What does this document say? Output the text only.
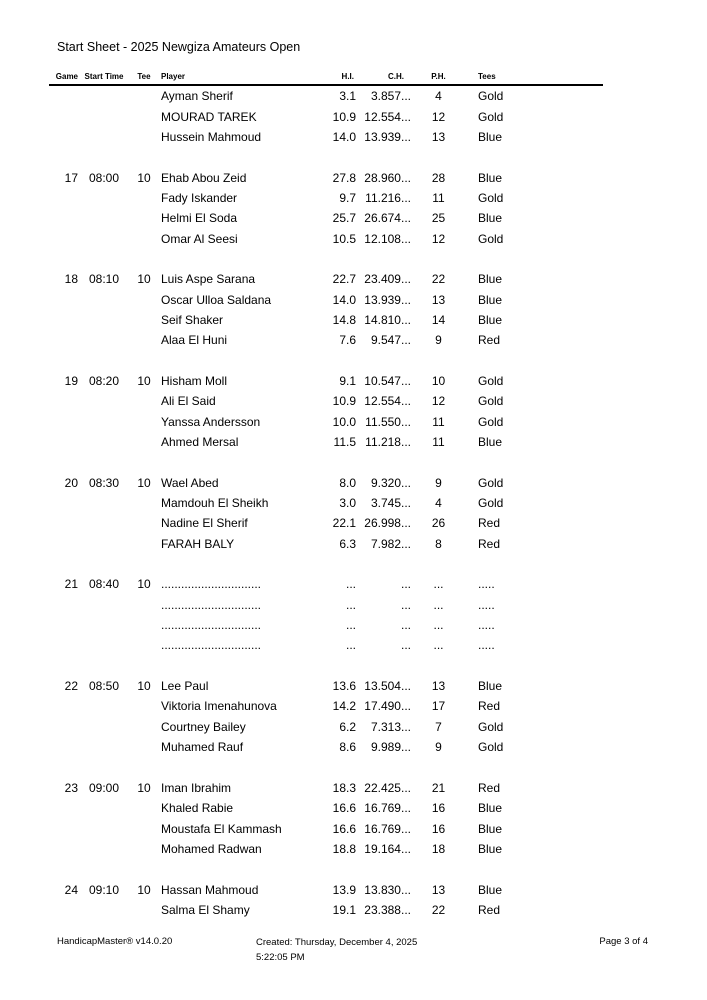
Start Sheet - 2025 Newgiza Amateurs Open
Game Start Time	Tee	Player	H.I.	C.H.	P.H.	Tees
Ayman Sherif	3.1	3.857...	4	Gold
MOURAD TAREK	10.9 12.554...	12	Gold
Hussein Mahmoud	14.0 13.939...	13	Blue
17 08:00	10 Ehab Abou Zeid	27.8 28.960...	28	Blue
Fady Iskander	9.7 11.216...	11	Gold
Helmi El Soda	25.7 26.674...	25	Blue
Omar Al Seesi	10.5 12.108...	12	Gold
18 08:10	10 Luis Aspe Sarana	22.7 23.409...	22	Blue
Oscar Ulloa Saldana	14.0 13.939...	13	Blue
Seif Shaker	14.8 14.810...	14	Blue
Alaa El Huni	7.6	9.547...	9	Red
19 08:20	10 Hisham Moll	9.1 10.547...	10	Gold
Ali El Said	10.9 12.554...	12	Gold
Yanssa Andersson	10.0 11.550...	11	Gold
Ahmed Mersal	11.5 11.218...	11	Blue
20 08:30	10 Wael Abed	8.0	9.320...	9	Gold
Mamdouh El Sheikh	3.0	3.745...	4	Gold
Nadine El Sherif	22.1 26.998...	26	Red
FARAH BALY	6.3	7.982...	8	Red
21 08:40	10 ..............................	...	...	...	.....
..............................	...	...	...	.....
..............................	...	...	...	.....
..............................	...	...	...	.....
22 08:50	10 Lee Paul	13.6 13.504...	13	Blue
Viktoria Imenahunova	14.2 17.490...	17	Red
Courtney Bailey	6.2	7.313...	7	Gold
Muhamed Rauf	8.6	9.989...	9	Gold
23 09:00	10 Iman Ibrahim	18.3 22.425...	21	Red
Khaled Rabie	16.6 16.769...	16	Blue
Moustafa El Kammash	16.6 16.769...	16	Blue
Mohamed Radwan	18.8 19.164...	18	Blue
24 09:10	10 Hassan Mahmoud	13.9 13.830...	13	Blue
Salma El Shamy	19.1 23.388...	22	Red
HandicapMaster® v14.0.20	Created: Thursday, December 4, 2025
5:22:05 PM
Page 3 of 4
